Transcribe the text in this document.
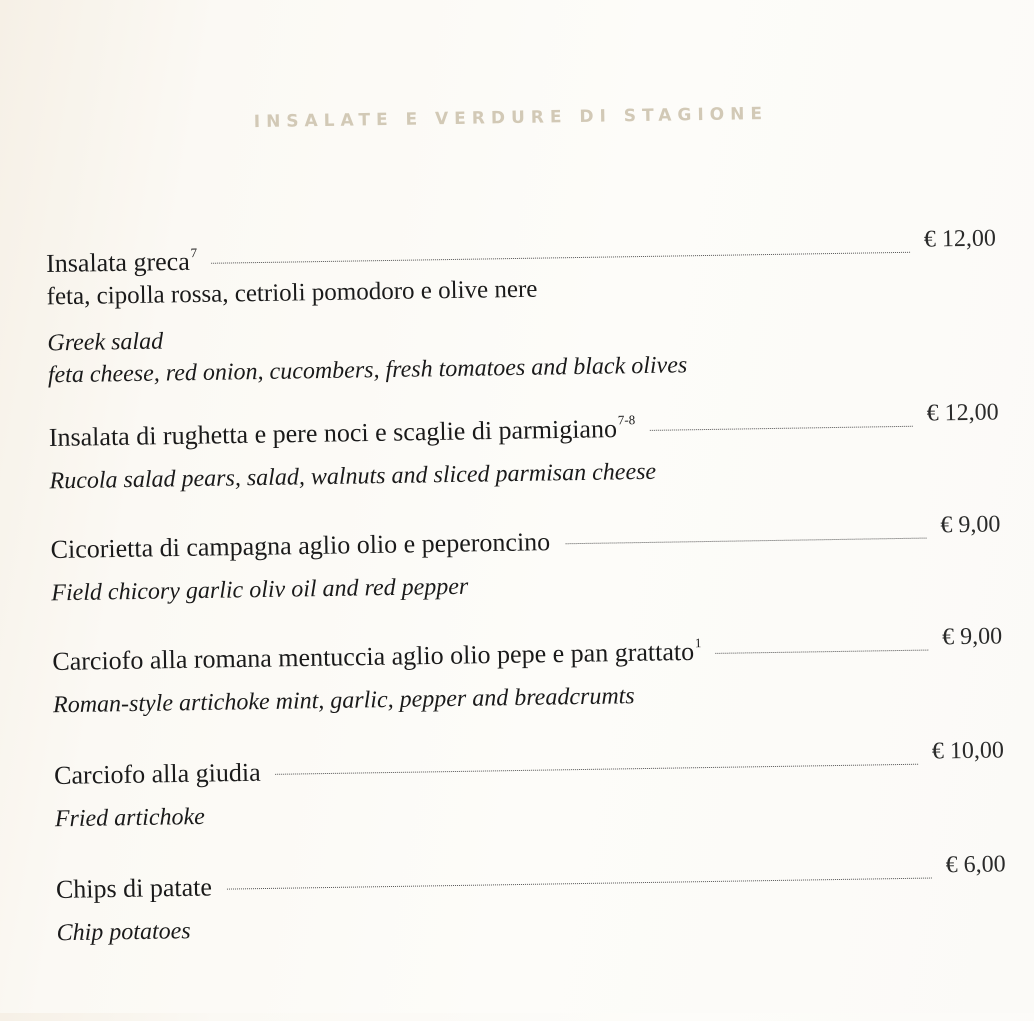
INSALATE E VERDURE DI STAGIONE
Insalata greca$^7$
€ 12,00
feta, cipolla rossa, cetrioli pomodoro e olive nere
Greek salad
feta cheese, red onion, cucombers, fresh tomatoes and black olives
Insalata di rughetta e pere noci e scaglie di parmigiano$^{7-8}$	€ 12,00
Rucola salad pears, salad, walnuts and sliced parmisan cheese
Cicorietta di campagna aglio olio e peperoncino
€ 9,00
Field chicory garlic oliv oil and red pepper
Carciofo alla romana mentuccia aglio olio pepe e pan grattato$^1$	€ 9,00
Roman-style artichoke mint, garlic, pepper and breadcrumts
Carciofo alla giudia
€ 10,00
Fried artichoke
Chips di patate
€ 6,00
Chip potatoes
